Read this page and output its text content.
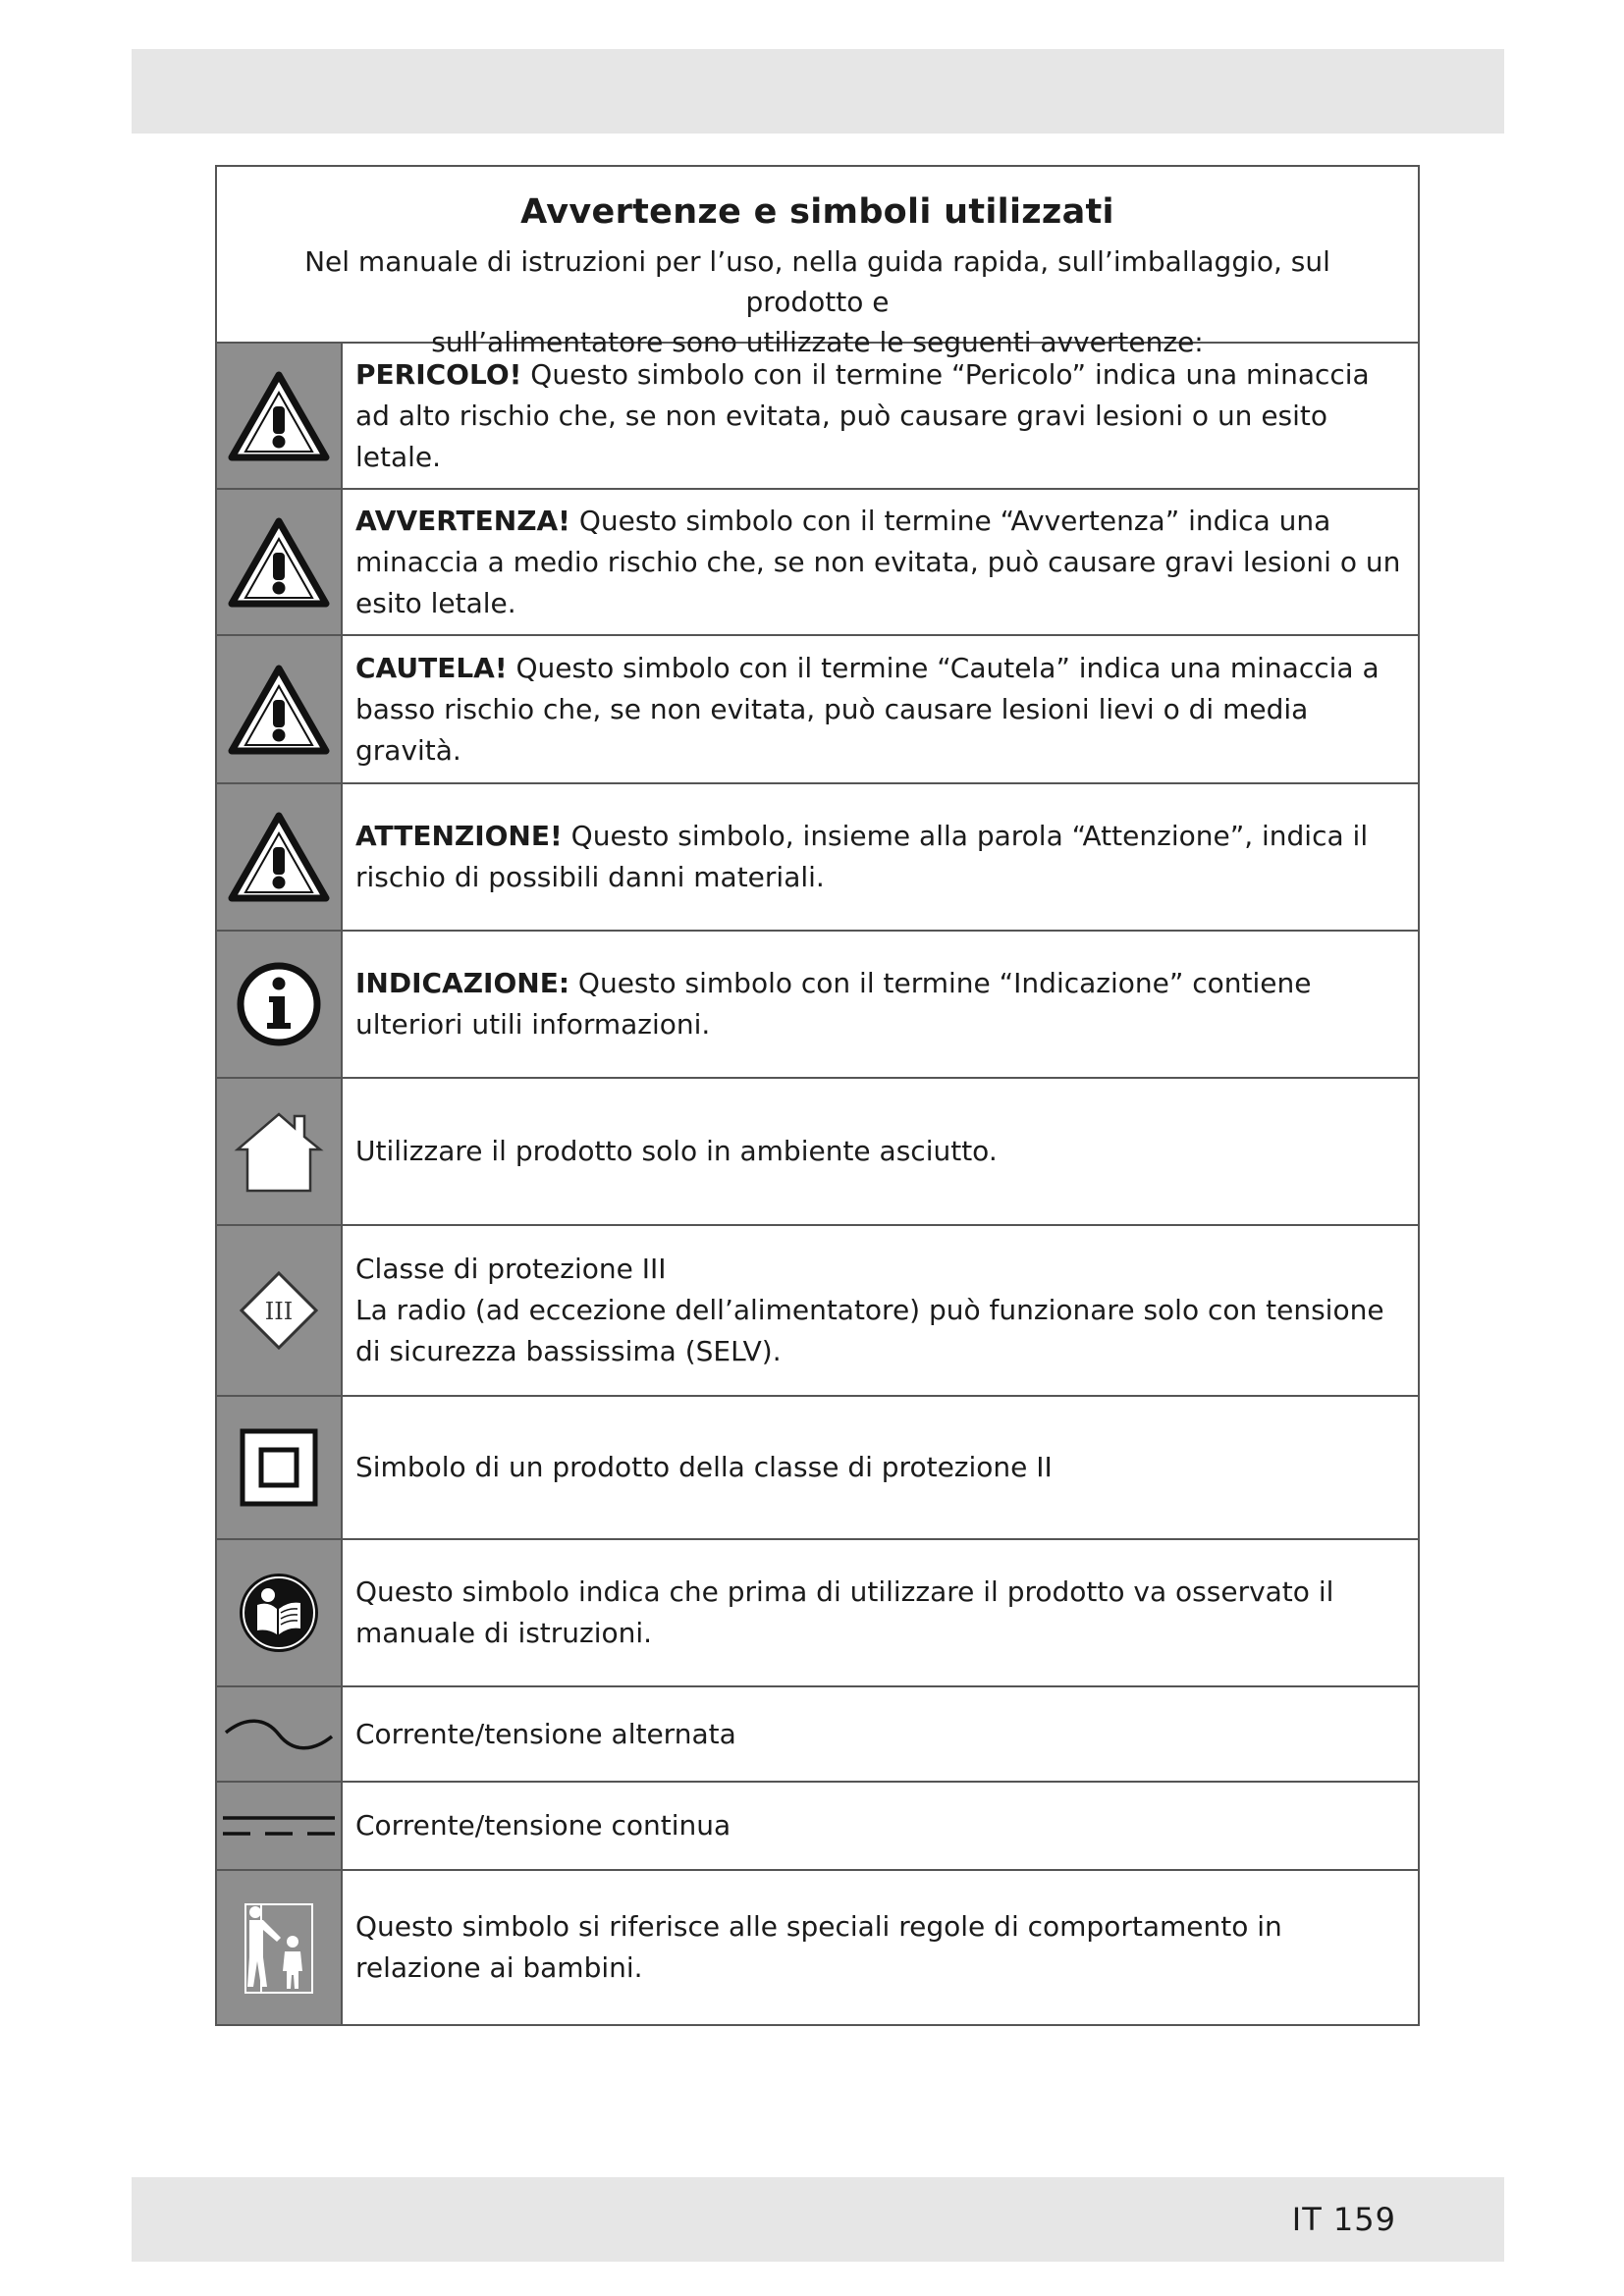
Avvertenze e simboli utilizzati
Nel manuale di istruzioni per l’uso, nella guida rapida, sull’imballaggio, sul prodotto e
sull’alimentatore sono utilizzate le seguenti avvertenze:

PERICOLO! Questo simbolo con il termine “Pericolo” indica una minaccia ad alto rischio che, se non evitata, può causare gravi lesioni o un esito letale.

AVVERTENZA! Questo simbolo con il termine “Avvertenza” indica una minaccia a medio rischio che, se non evitata, può causare gravi lesioni o un esito letale.

CAUTELA! Questo simbolo con il termine “Cautela” indica una minaccia a basso rischio che, se non evitata, può causare lesioni lievi o di media gravità.

ATTENZIONE! Questo simbolo, insieme alla parola “Attenzione”, indica il rischio di possibili danni materiali.

INDICAZIONE: Questo simbolo con il termine “Indicazione” contiene ulteriori utili informazioni.

Utilizzare il prodotto solo in ambiente asciutto.

III

Classe di protezione III

La radio (ad eccezione dell’alimentatore) può funzionare solo con tensione di sicurezza bassissima (SELV).

Simbolo di un prodotto della classe di protezione II

Questo simbolo indica che prima di utilizzare il prodotto va osservato il manuale di istruzioni.

Corrente/tensione alternata

Corrente/tensione continua

Questo simbolo si riferisce alle speciali regole di comportamento in relazione ai bambini.

IT 159
